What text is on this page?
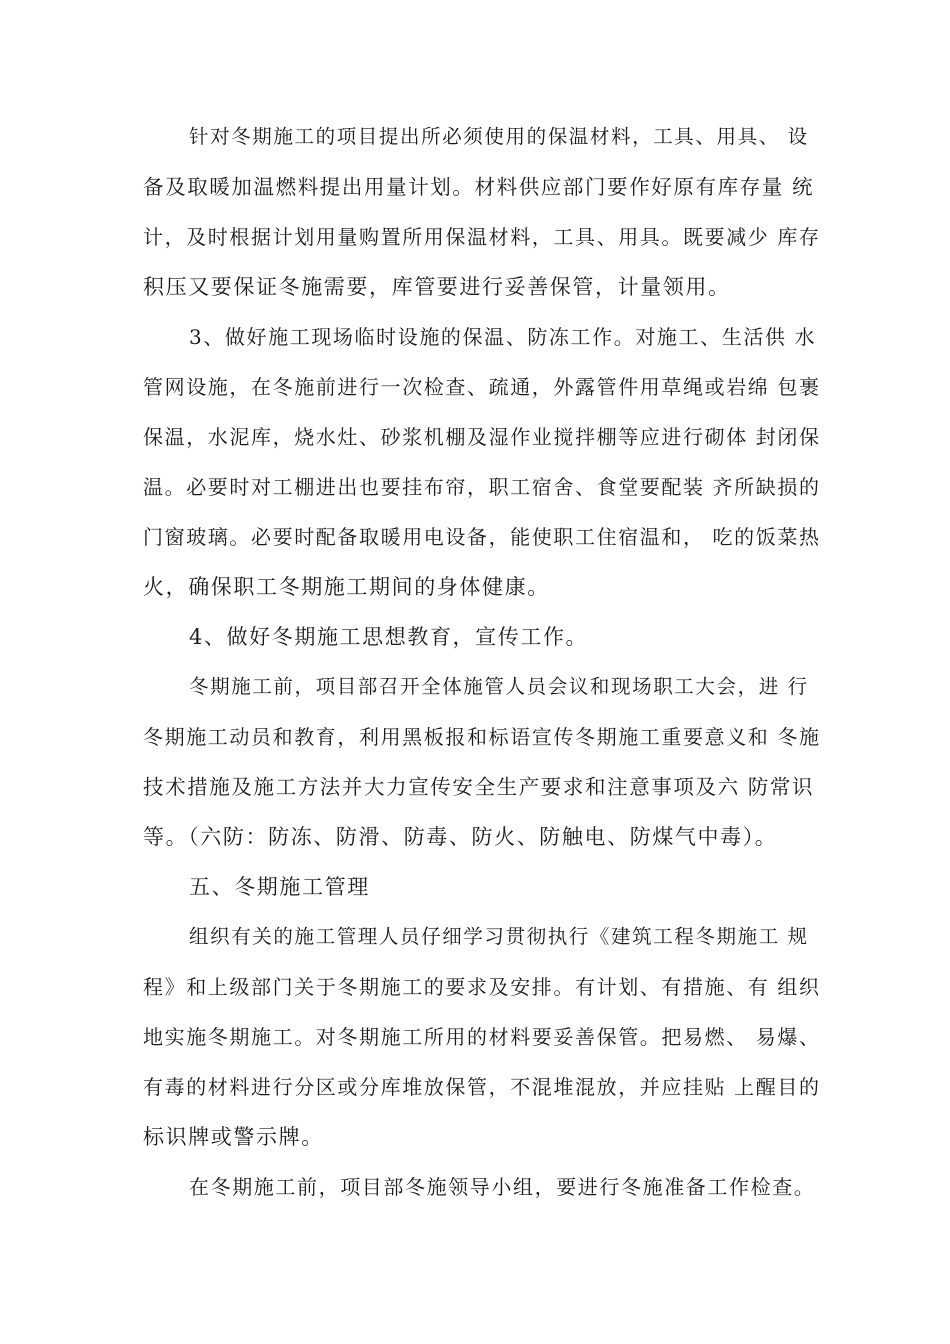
针对冬期施工的项目提出所必须使用的保温材料，工具、用具、 设

备及取暖加温燃料提出用量计划。材料供应部门要作好原有库存量 统

计，及时根据计划用量购置所用保温材料，工具、用具。既要减少 库存

积压又要保证冬施需要，库管要进行妥善保管，计量领用。

3、做好施工现场临时设施的保温、防冻工作。对施工、生活供 水

管网设施，在冬施前进行一次检查、疏通，外露管件用草绳或岩绵 包裹

保温，水泥库，烧水灶、砂浆机棚及湿作业搅拌棚等应进行砌体 封闭保

温。必要时对工棚进出也要挂布帘，职工宿舍、食堂要配装 齐所缺损的

门窗玻璃。必要时配备取暖用电设备，能使职工住宿温和， 吃的饭菜热

火，确保职工冬期施工期间的身体健康。

4、做好冬期施工思想教育，宣传工作。

冬期施工前，项目部召开全体施管人员会议和现场职工大会，进 行

冬期施工动员和教育，利用黑板报和标语宣传冬期施工重要意义和 冬施

技术措施及施工方法并大力宣传安全生产要求和注意事项及六 防常识

等。（六防：防冻、防滑、防毒、防火、防触电、防煤气中毒）。

五、冬期施工管理

组织有关的施工管理人员仔细学习贯彻执行《建筑工程冬期施工 规

程》和上级部门关于冬期施工的要求及安排。有计划、有措施、有 组织

地实施冬期施工。对冬期施工所用的材料要妥善保管。把易燃、 易爆、

有毒的材料进行分区或分库堆放保管，不混堆混放，并应挂贴 上醒目的

标识牌或警示牌。

在冬期施工前，项目部冬施领导小组，要进行冬施准备工作检查。
